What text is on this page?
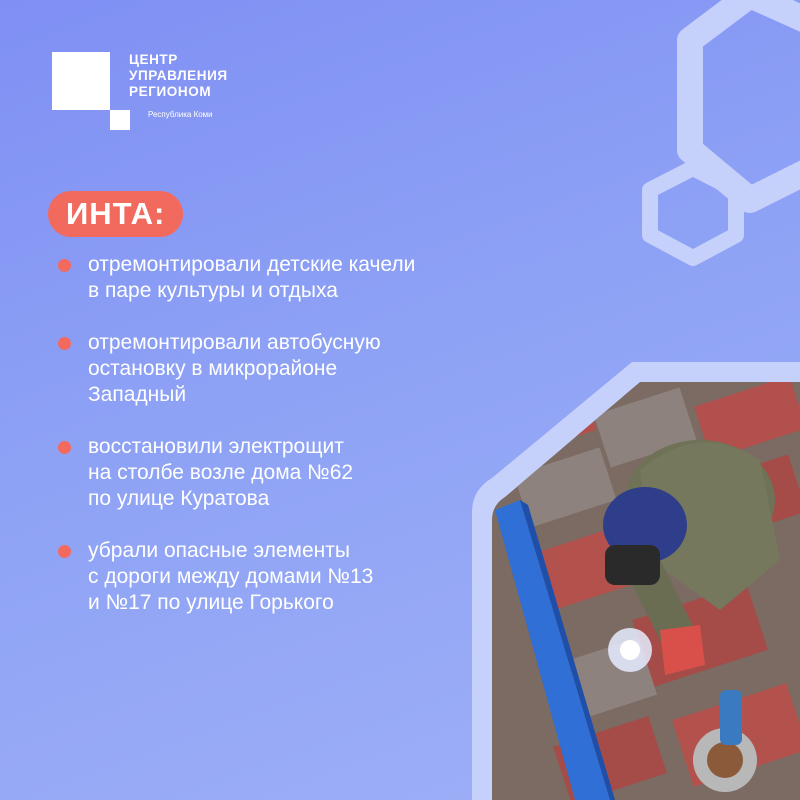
ЦЕНТР
УПРАВЛЕНИЯ
РЕГИОНОМ
Республика Коми
ИНТА:
отремонтировали детские качели
в паре культуры и отдыха
отремонтировали автобусную
остановку в микрорайоне
Западный
восстановили электрощит
на столбе возле дома №62
по улице Куратова
убрали опасные элементы
с дороги между домами №13
и №17 по улице Горького
